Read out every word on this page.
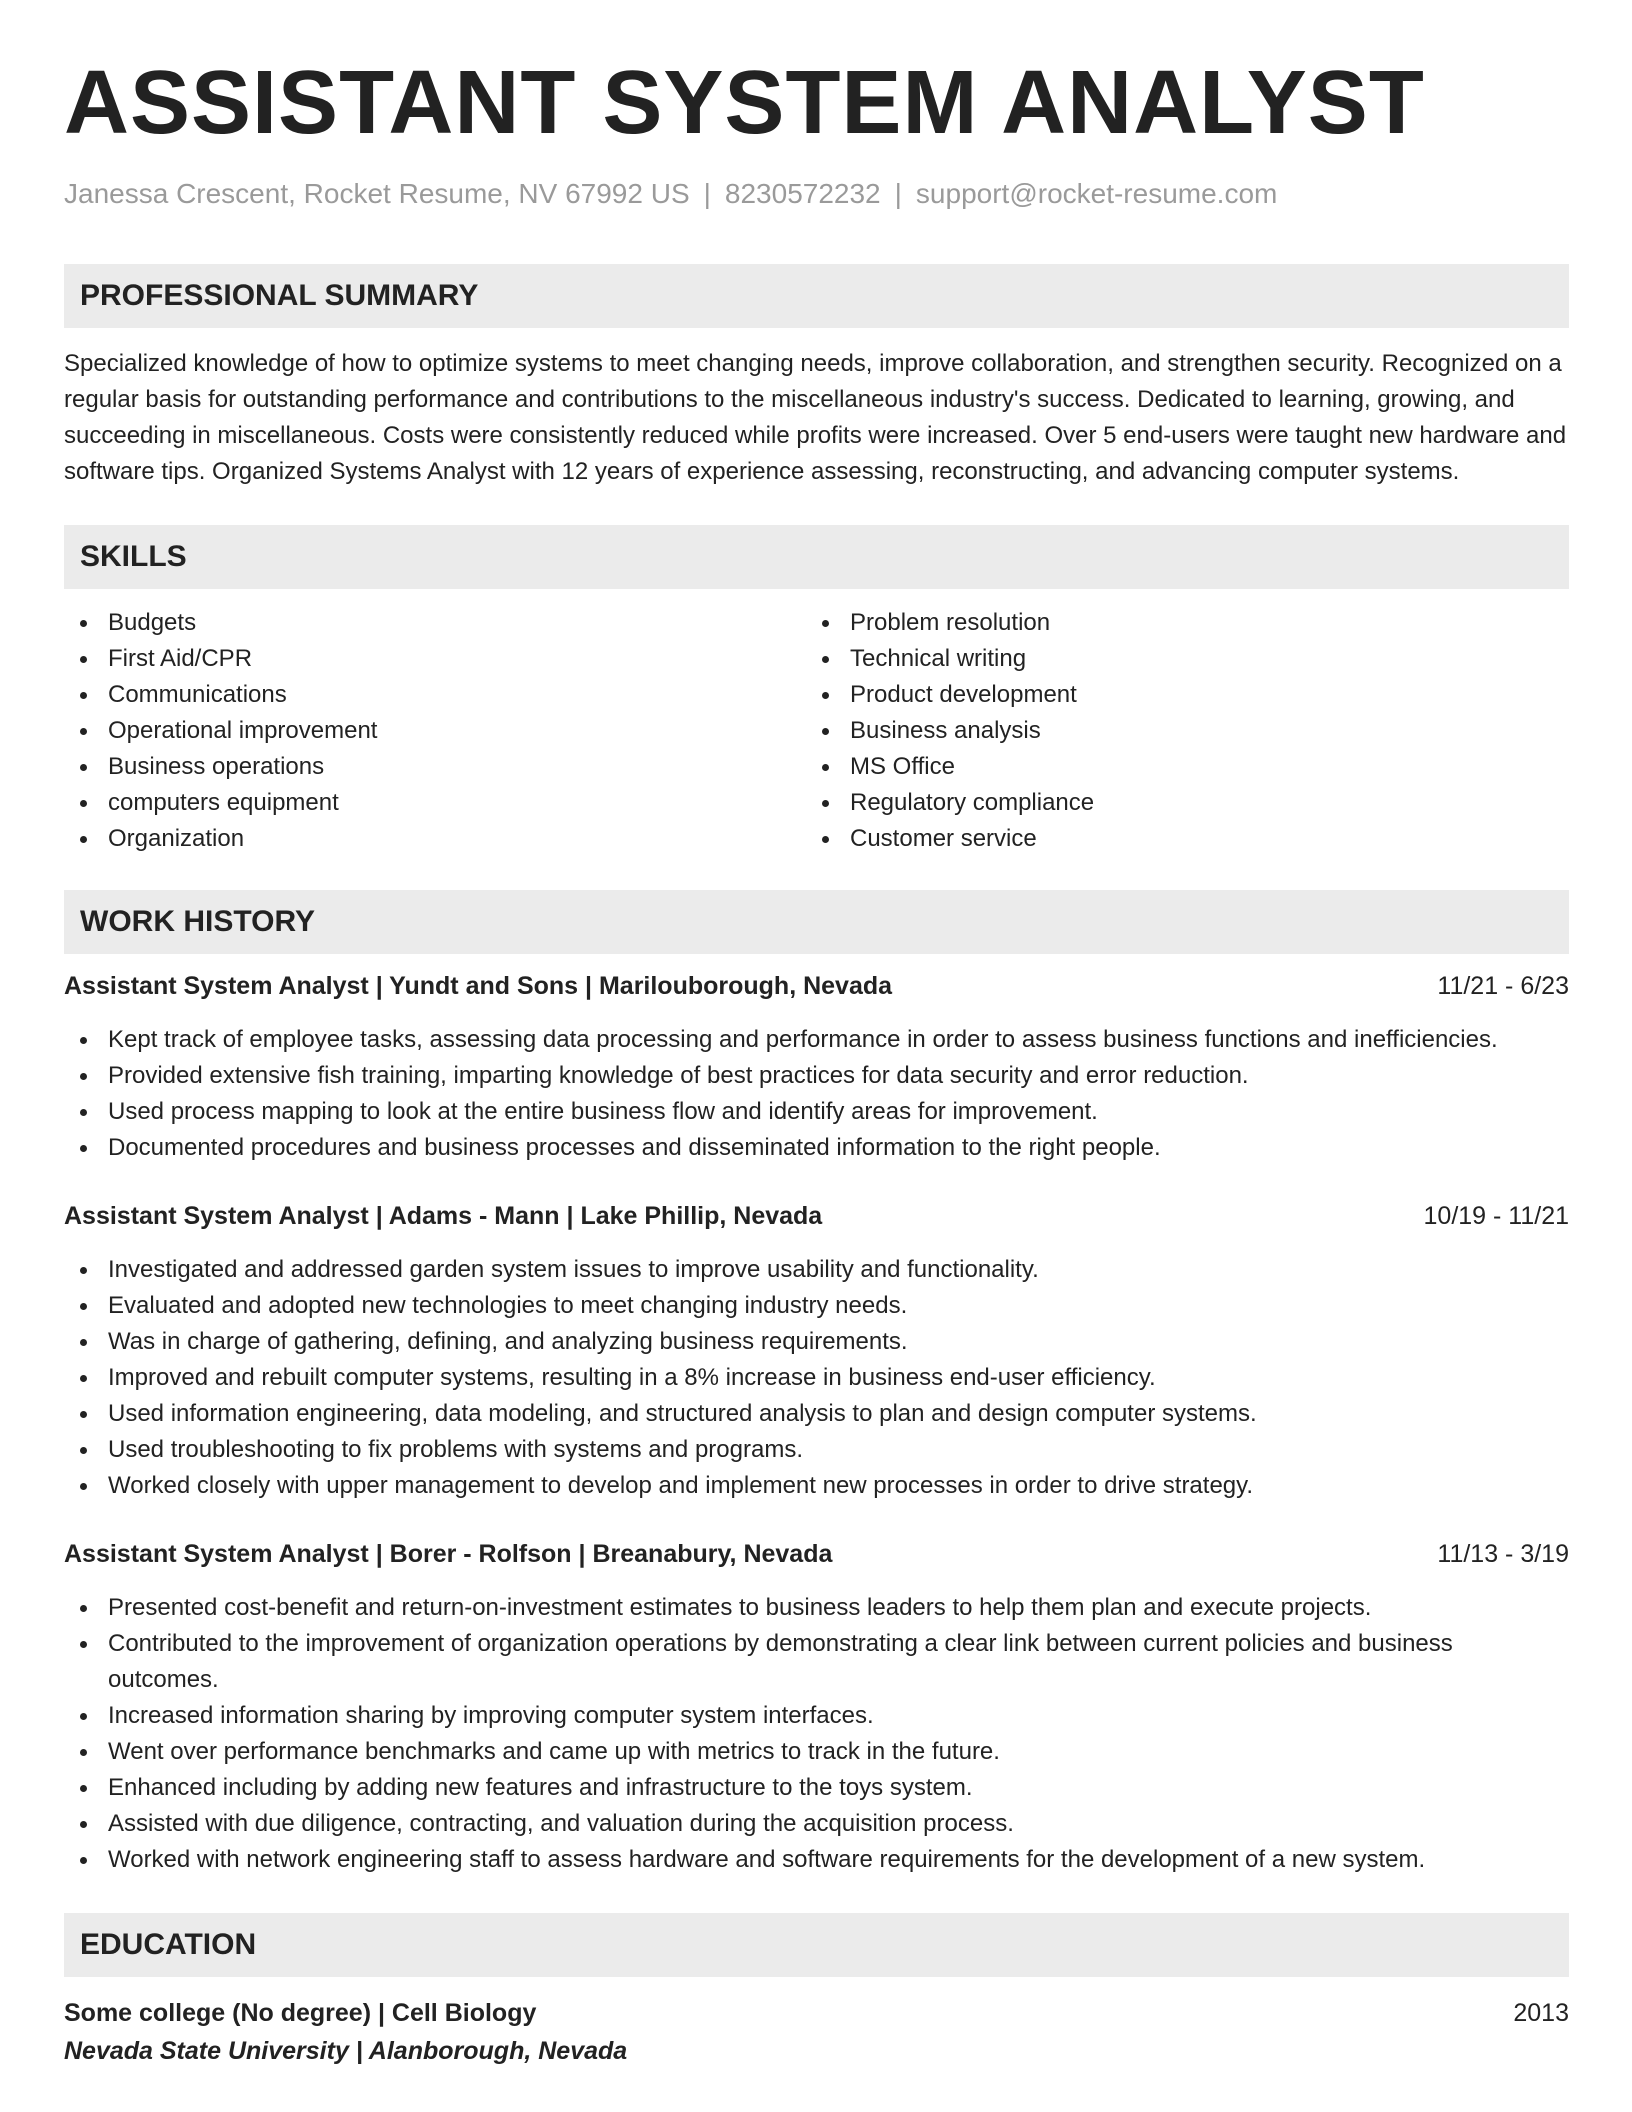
ASSISTANT SYSTEM ANALYST
Janessa Crescent, Rocket Resume, NV 67992 US | 8230572232 | support@rocket-resume.com
PROFESSIONAL SUMMARY

Specialized knowledge of how to optimize systems to meet changing needs, improve collaboration, and strengthen security. Recognized on a regular basis for outstanding performance and contributions to the miscellaneous industry's success. Dedicated to learning, growing, and succeeding in miscellaneous. Costs were consistently reduced while profits were increased. Over 5 end-users were taught new hardware and software tips. Organized Systems Analyst with 12 years of experience assessing, reconstructing, and advancing computer systems.

SKILLS
Budgets
First Aid/CPR
Communications
Operational improvement
Business operations
computers equipment
Organization
Problem resolution
Technical writing
Product development
Business analysis
MS Office
Regulatory compliance
Customer service
WORK HISTORY
Assistant System Analyst | Yundt and Sons | Marilouborough, Nevada	11/21 - 6/23
Kept track of employee tasks, assessing data processing and performance in order to assess business functions and inefficiencies.
Provided extensive fish training, imparting knowledge of best practices for data security and error reduction.
Used process mapping to look at the entire business flow and identify areas for improvement.
Documented procedures and business processes and disseminated information to the right people.
Assistant System Analyst | Adams - Mann | Lake Phillip, Nevada	10/19 - 11/21
Investigated and addressed garden system issues to improve usability and functionality.
Evaluated and adopted new technologies to meet changing industry needs.
Was in charge of gathering, defining, and analyzing business requirements.
Improved and rebuilt computer systems, resulting in a 8% increase in business end-user efficiency.
Used information engineering, data modeling, and structured analysis to plan and design computer systems.
Used troubleshooting to fix problems with systems and programs.
Worked closely with upper management to develop and implement new processes in order to drive strategy.
Assistant System Analyst | Borer - Rolfson | Breanabury, Nevada	11/13 - 3/19
Presented cost-benefit and return-on-investment estimates to business leaders to help them plan and execute projects.
Contributed to the improvement of organization operations by demonstrating a clear link between current policies and business outcomes.
Increased information sharing by improving computer system interfaces.
Went over performance benchmarks and came up with metrics to track in the future.
Enhanced including by adding new features and infrastructure to the toys system.
Assisted with due diligence, contracting, and valuation during the acquisition process.
Worked with network engineering staff to assess hardware and software requirements for the development of a new system.
EDUCATION
Some college (No degree) | Cell Biology	2013
Nevada State University | Alanborough, Nevada
